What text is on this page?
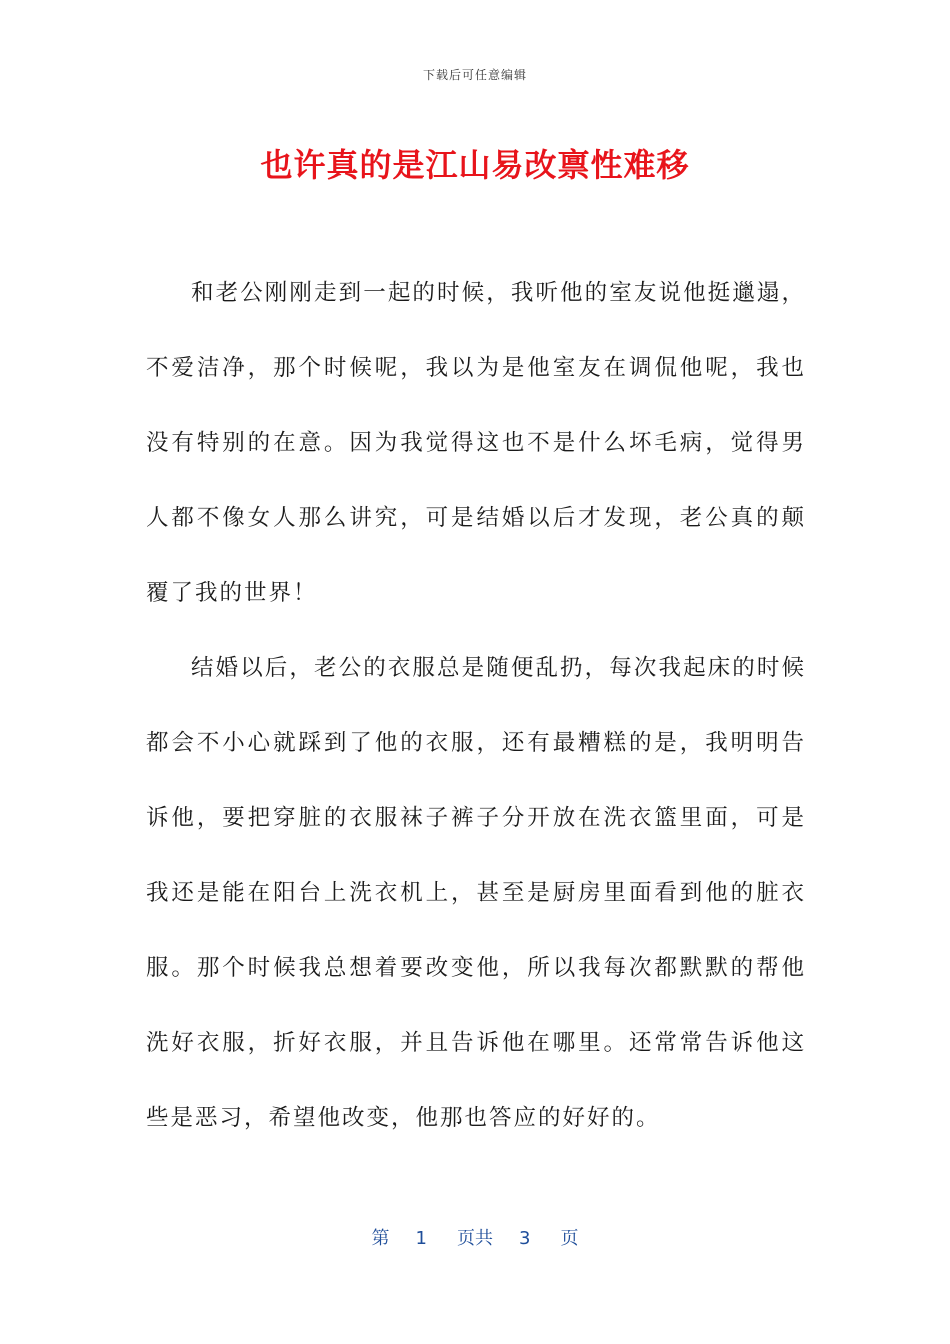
下载后可任意编辑
也许真的是江山易改禀性难移

和老公刚刚走到一起的时候，我听他的室友说他挺邋遢，不爱洁净，那个时候呢，我以为是他室友在调侃他呢，我也没有特别的在意。因为我觉得这也不是什么坏毛病，觉得男人都不像女人那么讲究，可是结婚以后才发现，老公真的颠覆了我的世界！

结婚以后，老公的衣服总是随便乱扔，每次我起床的时候都会不小心就踩到了他的衣服，还有最糟糕的是，我明明告诉他，要把穿脏的衣服袜子裤子分开放在洗衣篮里面，可是我还是能在阳台上洗衣机上，甚至是厨房里面看到他的脏衣服。那个时候我总想着要改变他，所以我每次都默默的帮他洗好衣服，折好衣服，并且告诉他在哪里。还常常告诉他这些是恶习，希望他改变，他那也答应的好好的。

第 1 页共 3 页
